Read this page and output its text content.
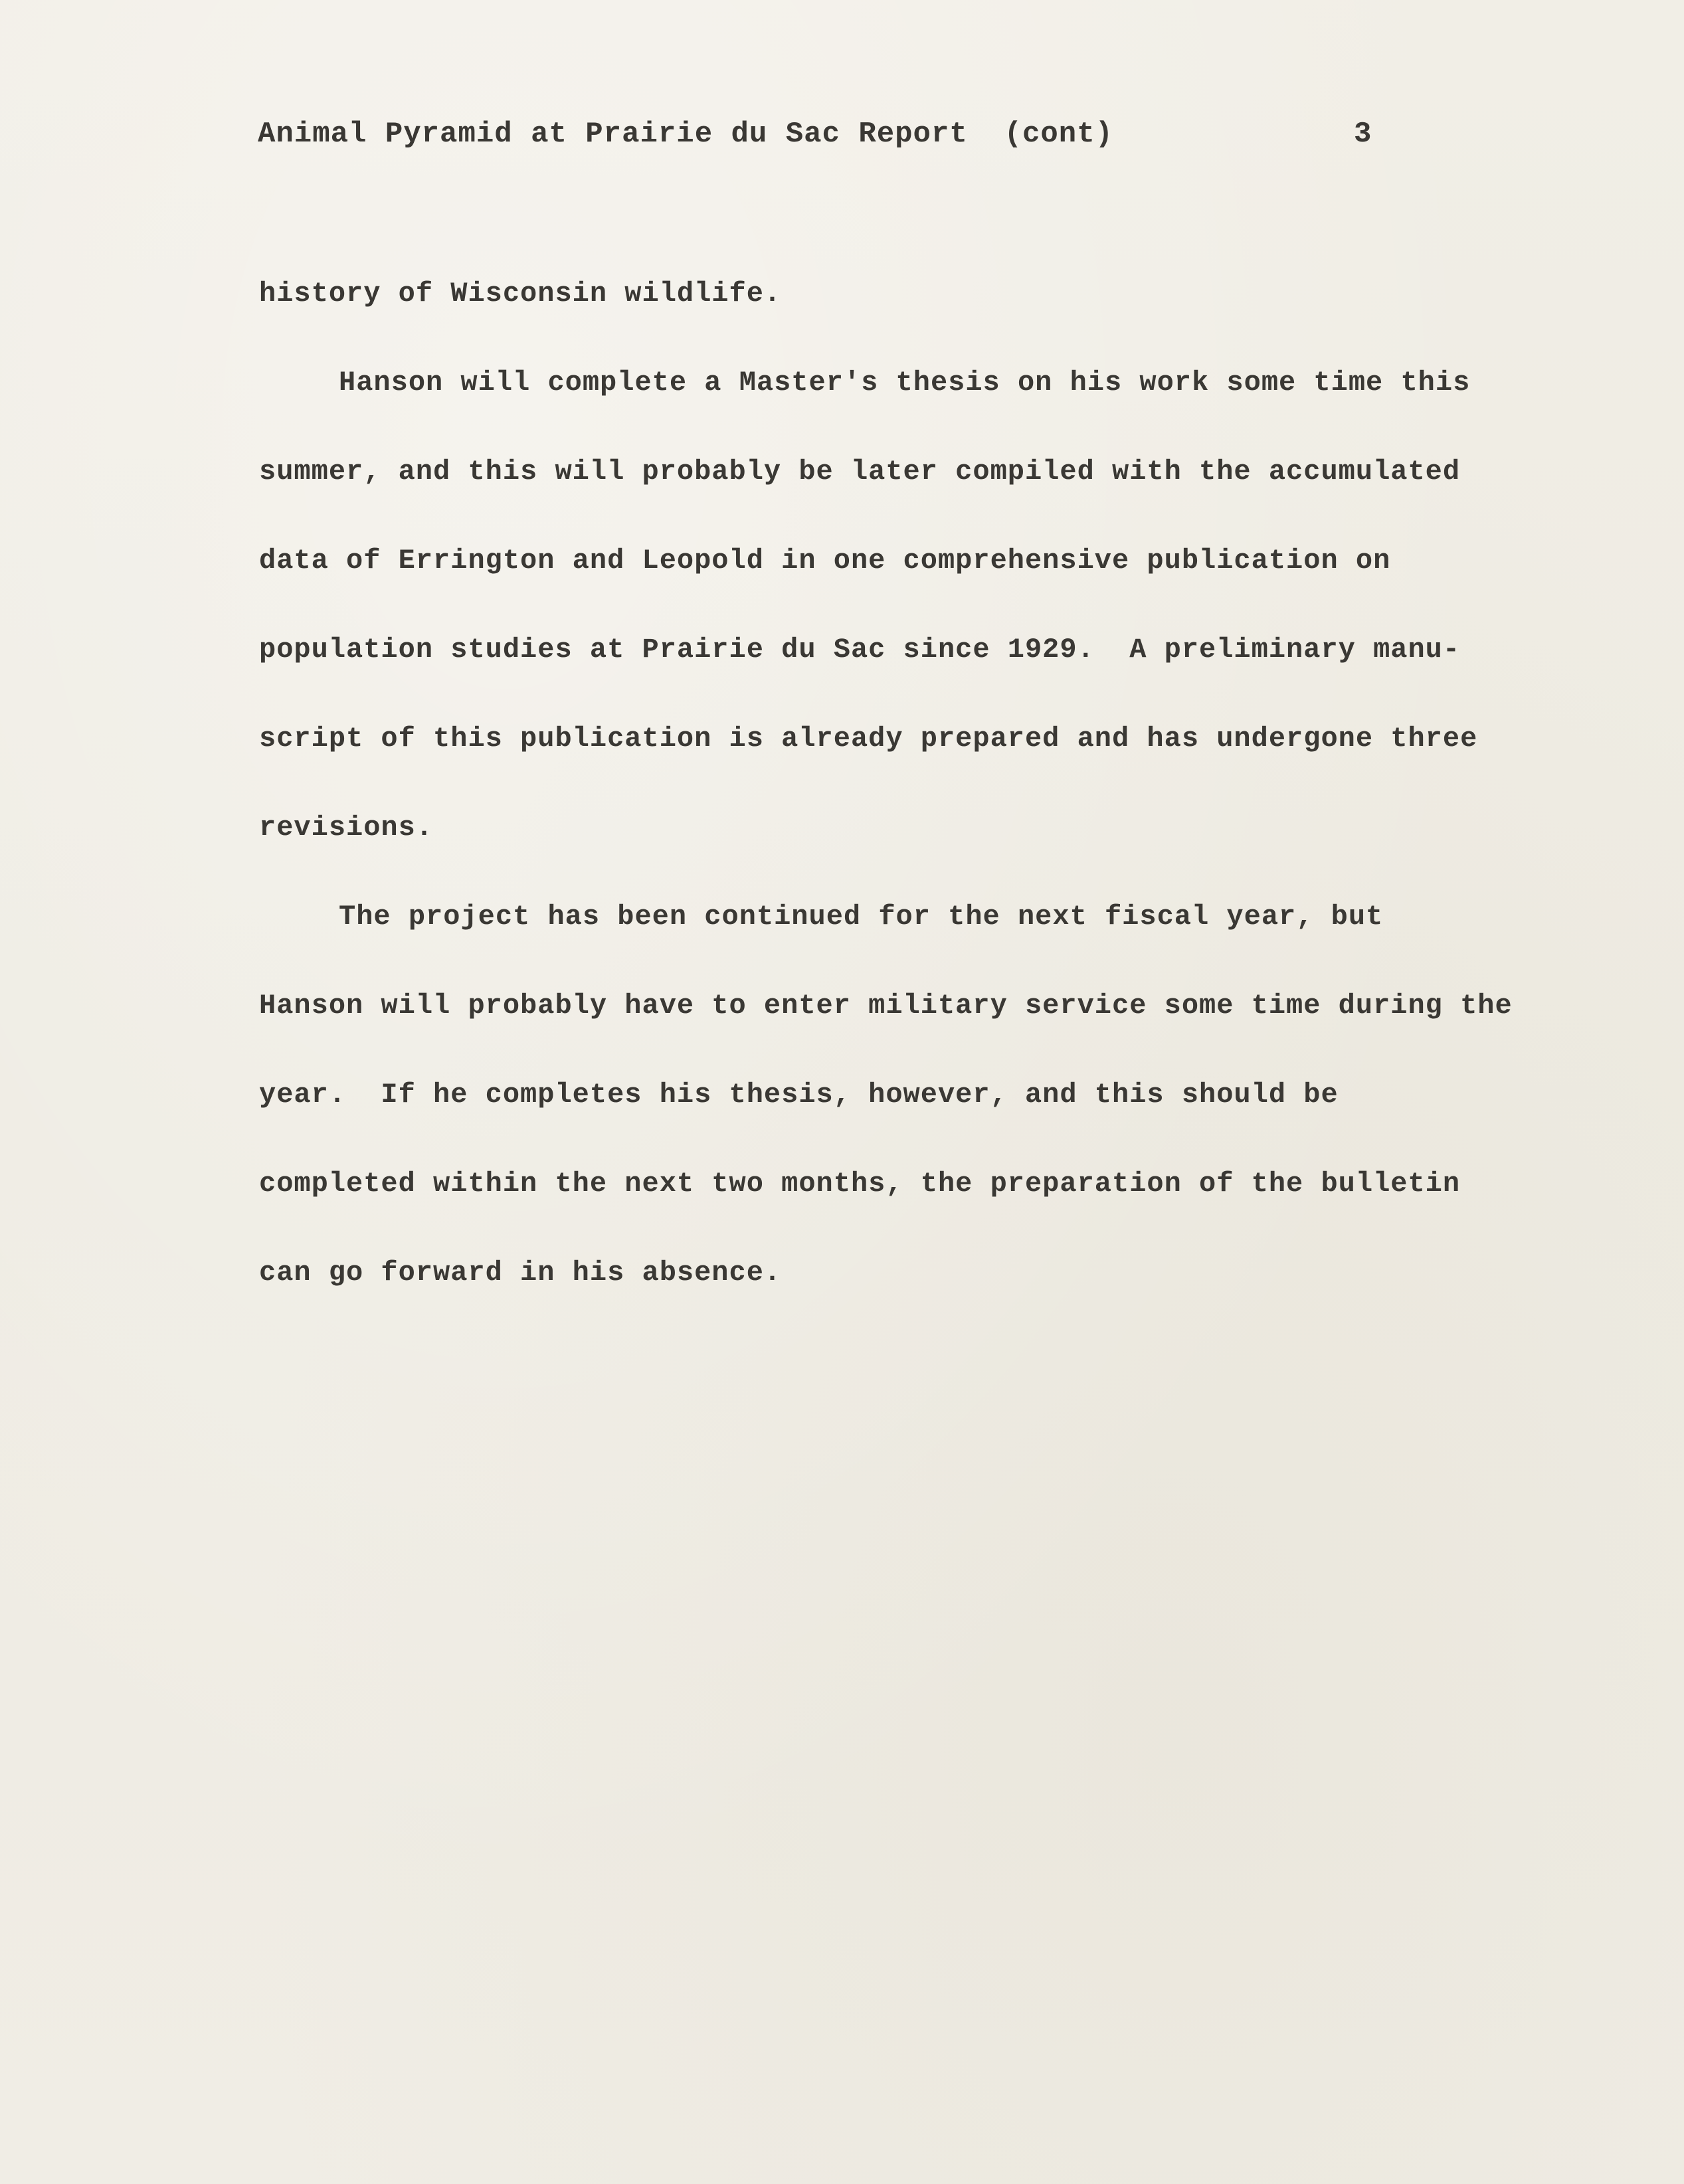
Animal Pyramid at Prairie du Sac Report  (cont)

	3

history of Wisconsin wildlife.

Hanson will complete a Master's thesis on his work some time this

summer, and this will probably be later compiled with the accumulated

data of Errington and Leopold in one comprehensive publication on

population studies at Prairie du Sac since 1929.  A preliminary manu-

script of this publication is already prepared and has undergone three

revisions.

The project has been continued for the next fiscal year, but

Hanson will probably have to enter military service some time during the

year.  If he completes his thesis, however, and this should be

completed within the next two months, the preparation of the bulletin

can go forward in his absence.
